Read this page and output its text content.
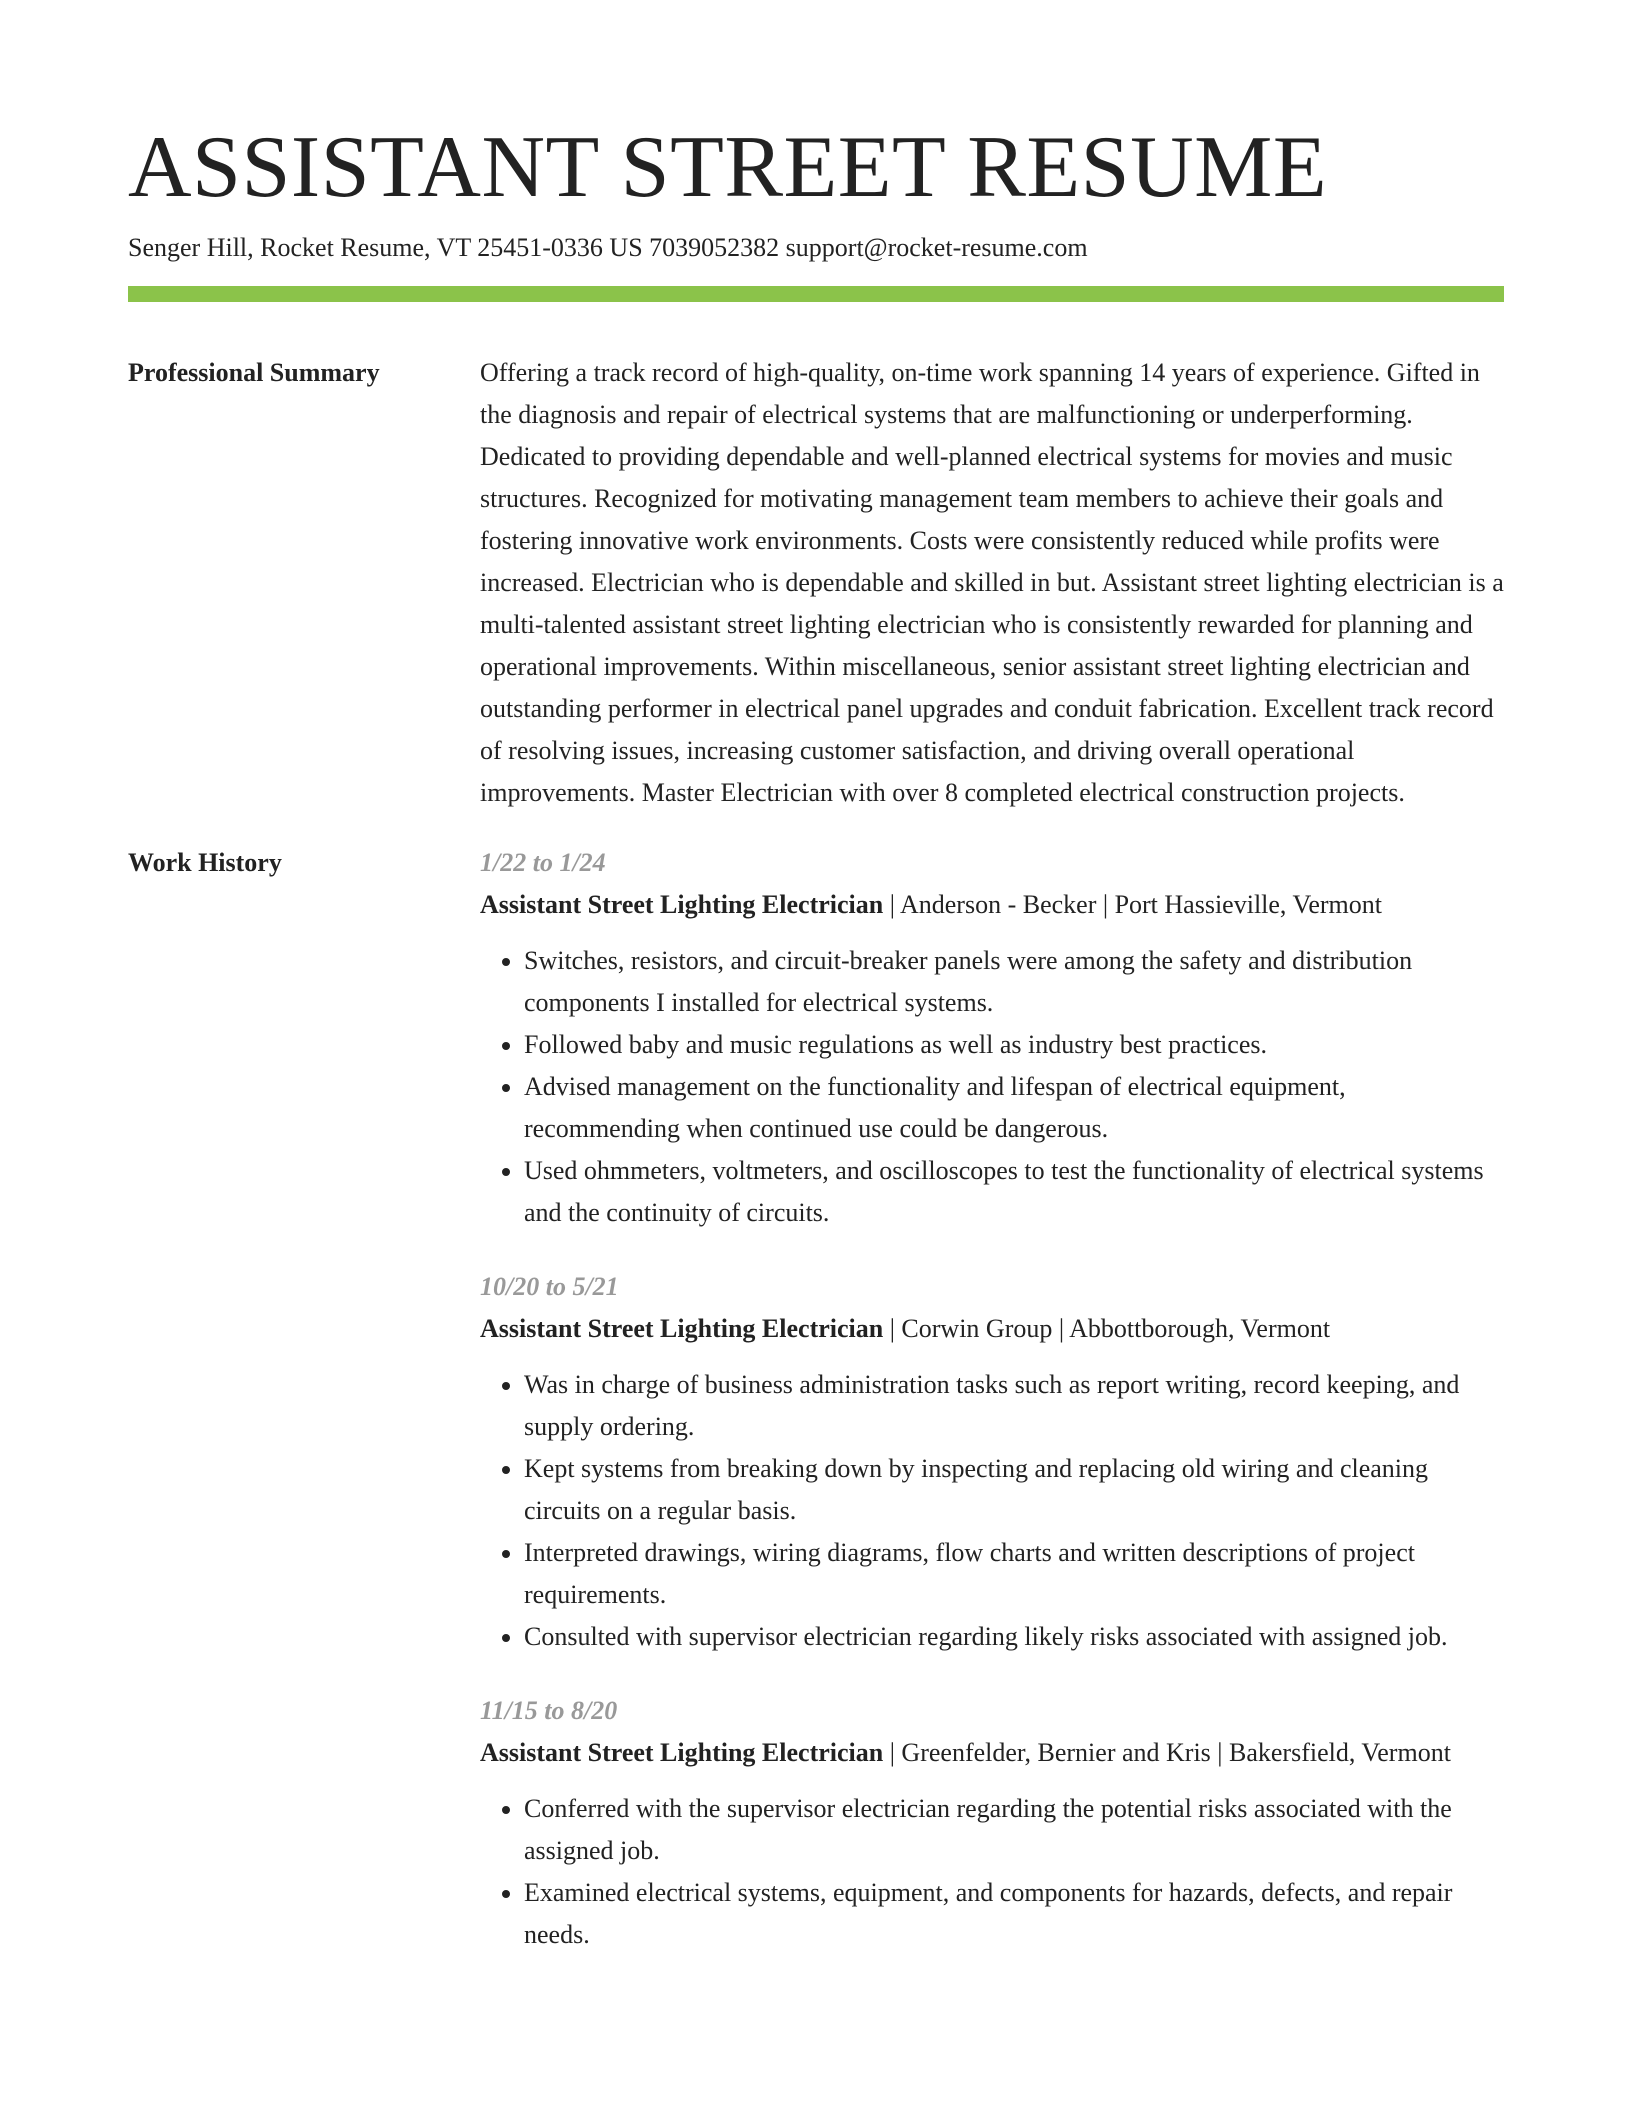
ASSISTANT STREET RESUME
Senger Hill, Rocket Resume, VT 25451-0336 US 7039052382 support@rocket-resume.com
Professional Summary	Offering a track record of high-quality, on-time work spanning 14 years of experience. Gifted in the diagnosis and repair of electrical systems that are malfunctioning or underperforming. Dedicated to providing dependable and well-planned electrical systems for movies and music structures. Recognized for motivating management team members to achieve their goals and fostering innovative work environments. Costs were consistently reduced while profits were increased. Electrician who is dependable and skilled in but. Assistant street lighting electrician is a multi-talented assistant street lighting electrician who is consistently rewarded for planning and operational improvements. Within miscellaneous, senior assistant street lighting electrician and outstanding performer in electrical panel upgrades and conduit fabrication. Excellent track record of resolving issues, increasing customer satisfaction, and driving overall operational improvements. Master Electrician with over 8 completed electrical construction projects.

Work History	1/22 to 1/24
Assistant Street Lighting Electrician | Anderson - Becker | Port Hassieville, Vermont
• Switches, resistors, and circuit-breaker panels were among the safety and distribution components I installed for electrical systems.
• Followed baby and music regulations as well as industry best practices.
• Advised management on the functionality and lifespan of electrical equipment, recommending when continued use could be dangerous.
• Used ohmmeters, voltmeters, and oscilloscopes to test the functionality of electrical systems and the continuity of circuits.
10/20 to 5/21
Assistant Street Lighting Electrician | Corwin Group | Abbottborough, Vermont
• Was in charge of business administration tasks such as report writing, record keeping, and supply ordering.
• Kept systems from breaking down by inspecting and replacing old wiring and cleaning circuits on a regular basis.
• Interpreted drawings, wiring diagrams, flow charts and written descriptions of project requirements.
• Consulted with supervisor electrician regarding likely risks associated with assigned job.
11/15 to 8/20
Assistant Street Lighting Electrician | Greenfelder, Bernier and Kris | Bakersfield, Vermont
• Conferred with the supervisor electrician regarding the potential risks associated with the assigned job.
• Examined electrical systems, equipment, and components for hazards, defects, and repair needs.
